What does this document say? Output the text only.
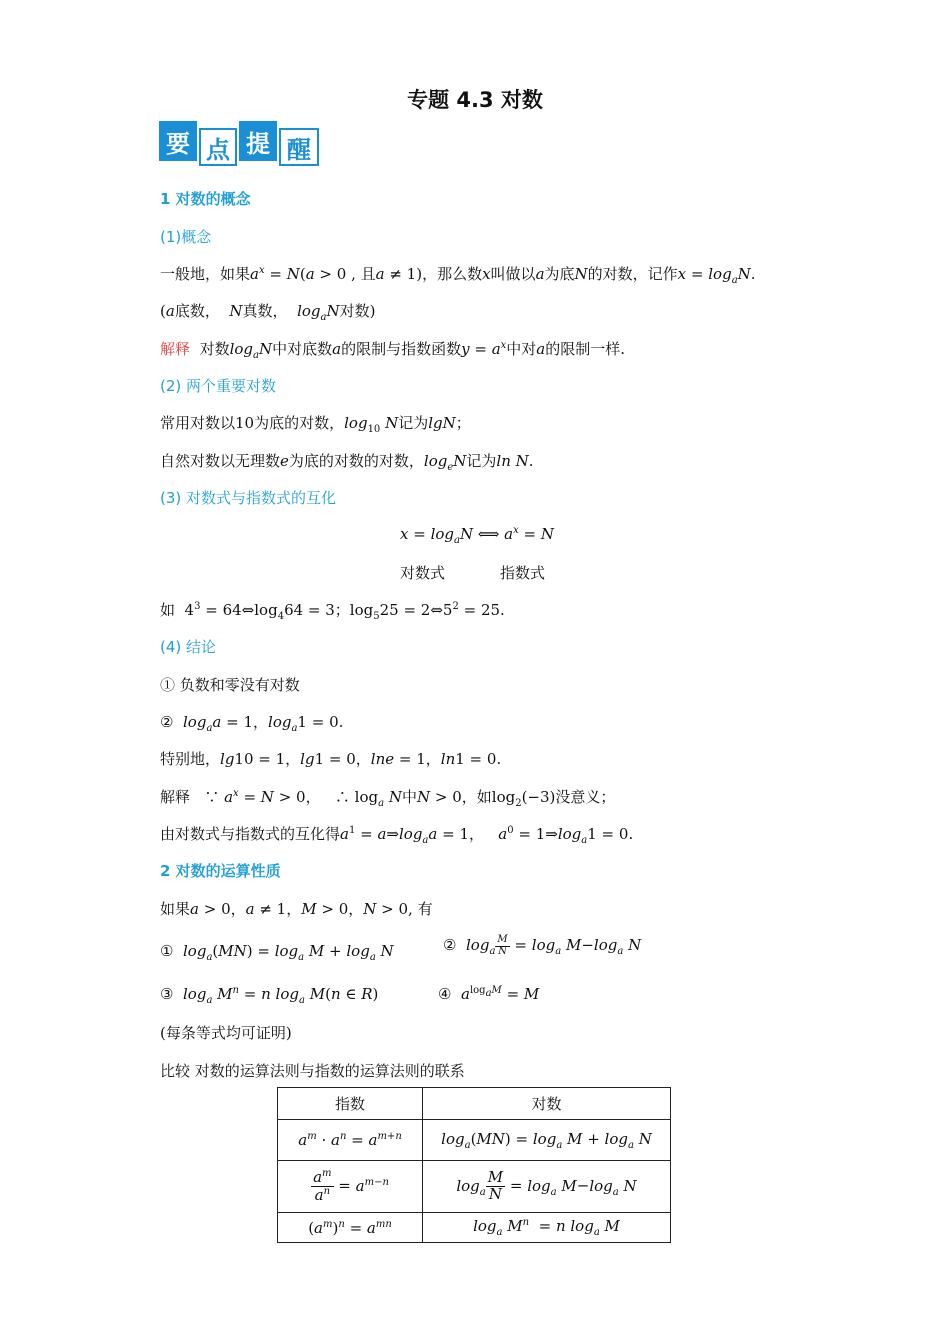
专题 4.3 对数
要 点 提 醒
1 对数的概念
(1)概念
一般地，如果$a^x = N(a > 0$ , 且a ≠ 1)，那么数x叫做以a为底N的对数，记作$x = \log_aN$.
(a底数， N真数， $\log_aN$对数)
解释 对数$\log_aN$中对底数a的限制与指数函数$y = a^x$中对a的限制一样.
(2) 两个重要对数
常用对数以10为底的对数，$\log_{10} N$记为lgN；
自然对数以无理数e为底的对数的对数，$\log_eN$记为ln N.
(3) 对数式与指数式的互化
$x = \log_aN$ ⟺ $a^x = N$
对数式	指数式
如  $4^3$ = $64\Leftrightarrow\log_464 = 3$；$\log_525$ = $2\Leftrightarrow 5^2 = 25$.
(4) 结论
① 负数和零没有对数
② $\log_aa = 1$，$\log_a1 = 0$.
特别地，lg10 = 1，lg1 = 0，lne = 1，ln1 = 0.
解释   ∵ $a^x = N > 0$，   ∴ $\log_a N$中N > 0，如$\log_2(-3)$没意义；
由对数式与指数式的互化得$a^1$ = $a\Rightarrow\log_aa = 1$，   $a^0$ = $1\Rightarrow\log_a1 = 0$.
2 对数的运算性质
如果a > 0，a ≠ 1，M > 0，N > 0, 有
① $\log_a(MN) = \log_a M + \log_a N$	② $\log_a \frac{M}{N} = \log_a M-\log_a$ N
③ $\log_a M^n = n$ $\log_a M(n$ ∈ R)	④ $a^{log_aM} = M$
(每条等式均可证明)
比较 对数的运算法则与指数的运算法则的联系
指数	对数
$a^m \cdot a^n = a^{m+n}$	$\log_a(MN) = \log_a M + \log_a N$

$\frac{a^m}{a^n} = a^{m-n}$	$\log_a \frac{M}{N} = \log_a M-\log_a$ N
$(a^m)^n = a^{mn}$	$\log_a M^n = n$ $\log_a M$
